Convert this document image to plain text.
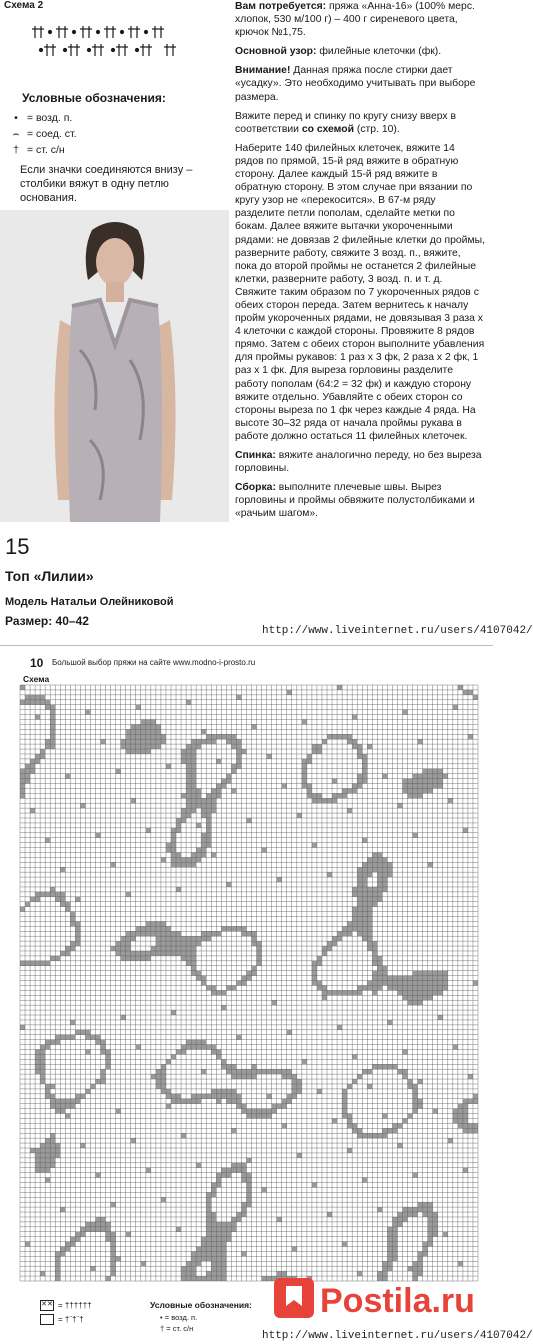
Схема 2
Условные обозначения:
• = возд. п.
⌢ = соед. ст.
† = ст. с/н
Если значки соединяются внизу – столбики вяжут в одну петлю основания.
15
Топ «Лилии»
Модель Натальи Олейниковой
Размер: 40–42

Вам потребуется: пряжа «Анна-16» (100% мерс. хлопок, 530 м/100 г) – 400 г сиреневого цвета, крючок №1,75.

Основной узор: филейные клеточки (фк).

Внимание! Данная пряжа после стирки дает «усадку». Это необходимо учитывать при выборе размера.

Вяжите перед и спинку по кругу снизу вверх в соответствии со схемой (стр. 10).

Наберите 140 филейных клеточек, вяжите 14 рядов по прямой, 15-й ряд вяжите в обратную сторону. Далее каждый 15-й ряд вяжите в обратную сторону. В этом случае при вязании по кругу узор не «перекосится». В 67-м ряду разделите петли пополам, сделайте метки по бокам. Далее вяжите вытачки укороченными рядами: не довязав 2 филейные клетки до проймы, разверните работу, свяжите 3 возд. п., вяжите, пока до второй проймы не останется 2 филейные клетки, разверните работу, 3 возд. п. и т. д. Свяжите таким образом по 7 укороченных рядов с обеих сторон переда. Затем вернитесь к началу пройм укороченных рядами, не довязывая 3 раза х 4 клеточки с каждой стороны. Провяжите 8 рядов прямо. Затем с обеих сторон выполните убавления для проймы рукавов: 1 раз х 3 фк, 2 раза х 2 фк, 1 раз х 1 фк. Для выреза горловины разделите работу пополам (64:2 = 32 фк) и каждую сторону вяжите отдельно. Убавляйте с обеих сторон со стороны выреза по 1 фк через каждые 4 ряда. На высоте 30–32 ряда от начала проймы рукава в работе должно остаться 11 филейных клеточек.

Спинка: вяжите аналогично переду, но без выреза горловины.

Сборка: выполните плечевые швы. Вырез горловины и проймы обвяжите полустолбиками и «рачьим шагом».

http://www.liveinternet.ru/users/4107042/
10 Большой выбор пряжи на сайте www.modno-i-prosto.ru
Схема
✕✕ = ††††††
= †¨†¨†
Условные обозначения:
• = возд. п.
† = ст. с/н
Postila.ru
http://www.liveinternet.ru/users/4107042/
